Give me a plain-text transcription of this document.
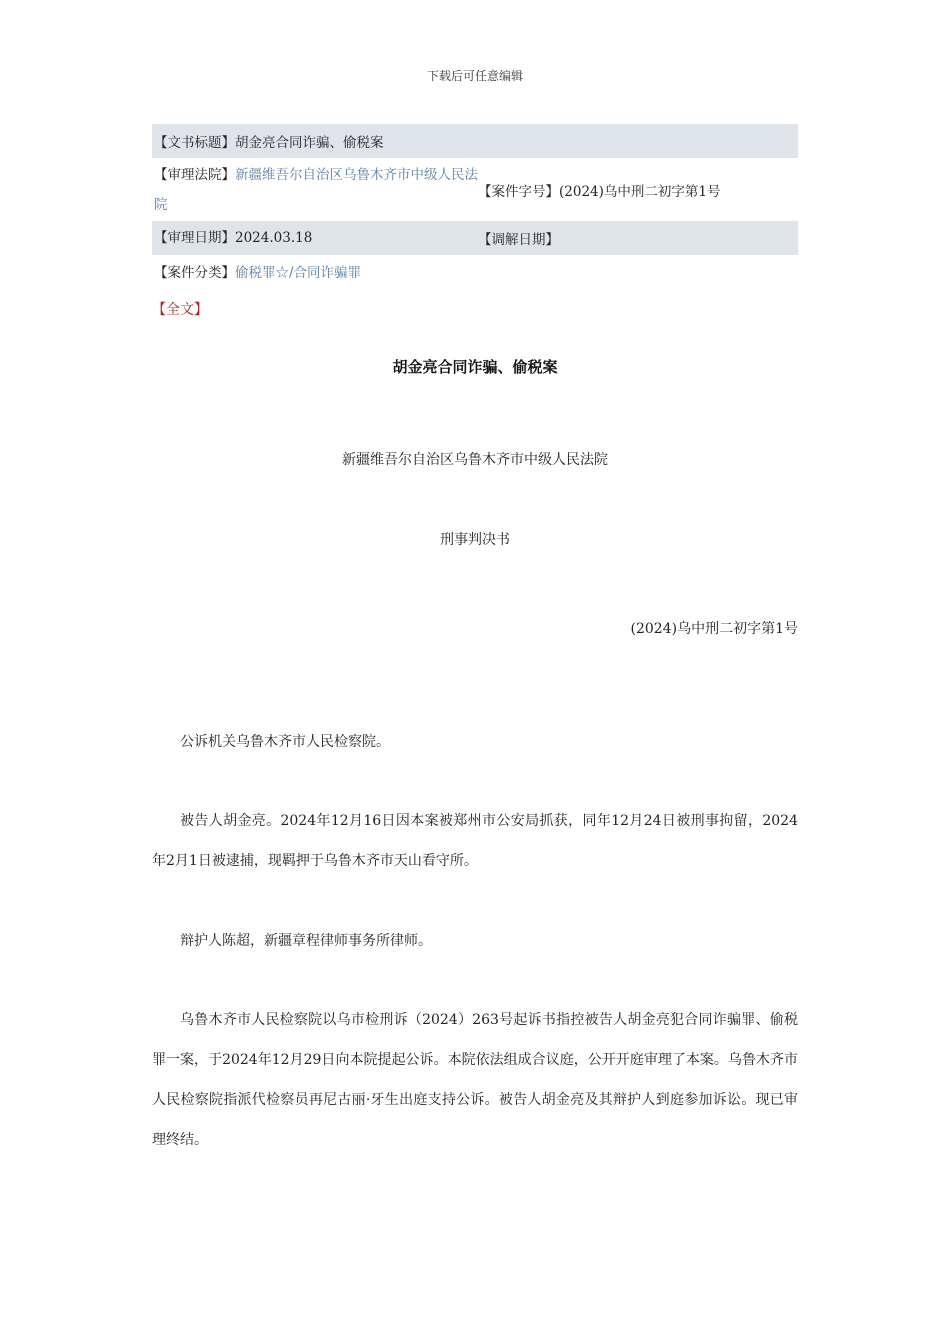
下载后可任意编辑
【文书标题】胡金亮合同诈骗、偷税案
【审理法院】新疆维吾尔自治区乌鲁木齐市中级人民法院
【案件字号】(2024)乌中刑二初字第1号
【审理日期】2024.03.18	【调解日期】
【案件分类】偷税罪☆/合同诈骗罪
【全文】
胡金亮合同诈骗、偷税案
新疆维吾尔自治区乌鲁木齐市中级人民法院
刑事判决书
(2024)乌中刑二初字第1号

公诉机关乌鲁木齐市人民检察院。

被告人胡金亮。2024年12月16日因本案被郑州市公安局抓获，同年12月24日被刑事拘留，2024年2月1日被逮捕，现羁押于乌鲁木齐市天山看守所。

辩护人陈超，新疆章程律师事务所律师。

乌鲁木齐市人民检察院以乌市检刑诉（2024）263号起诉书指控被告人胡金亮犯合同诈骗罪、偷税罪一案，于2024年12月29日向本院提起公诉。本院依法组成合议庭，公开开庭审理了本案。乌鲁木齐市人民检察院指派代检察员再尼古丽·牙生出庭支持公诉。被告人胡金亮及其辩护人到庭参加诉讼。现已审理终结。
